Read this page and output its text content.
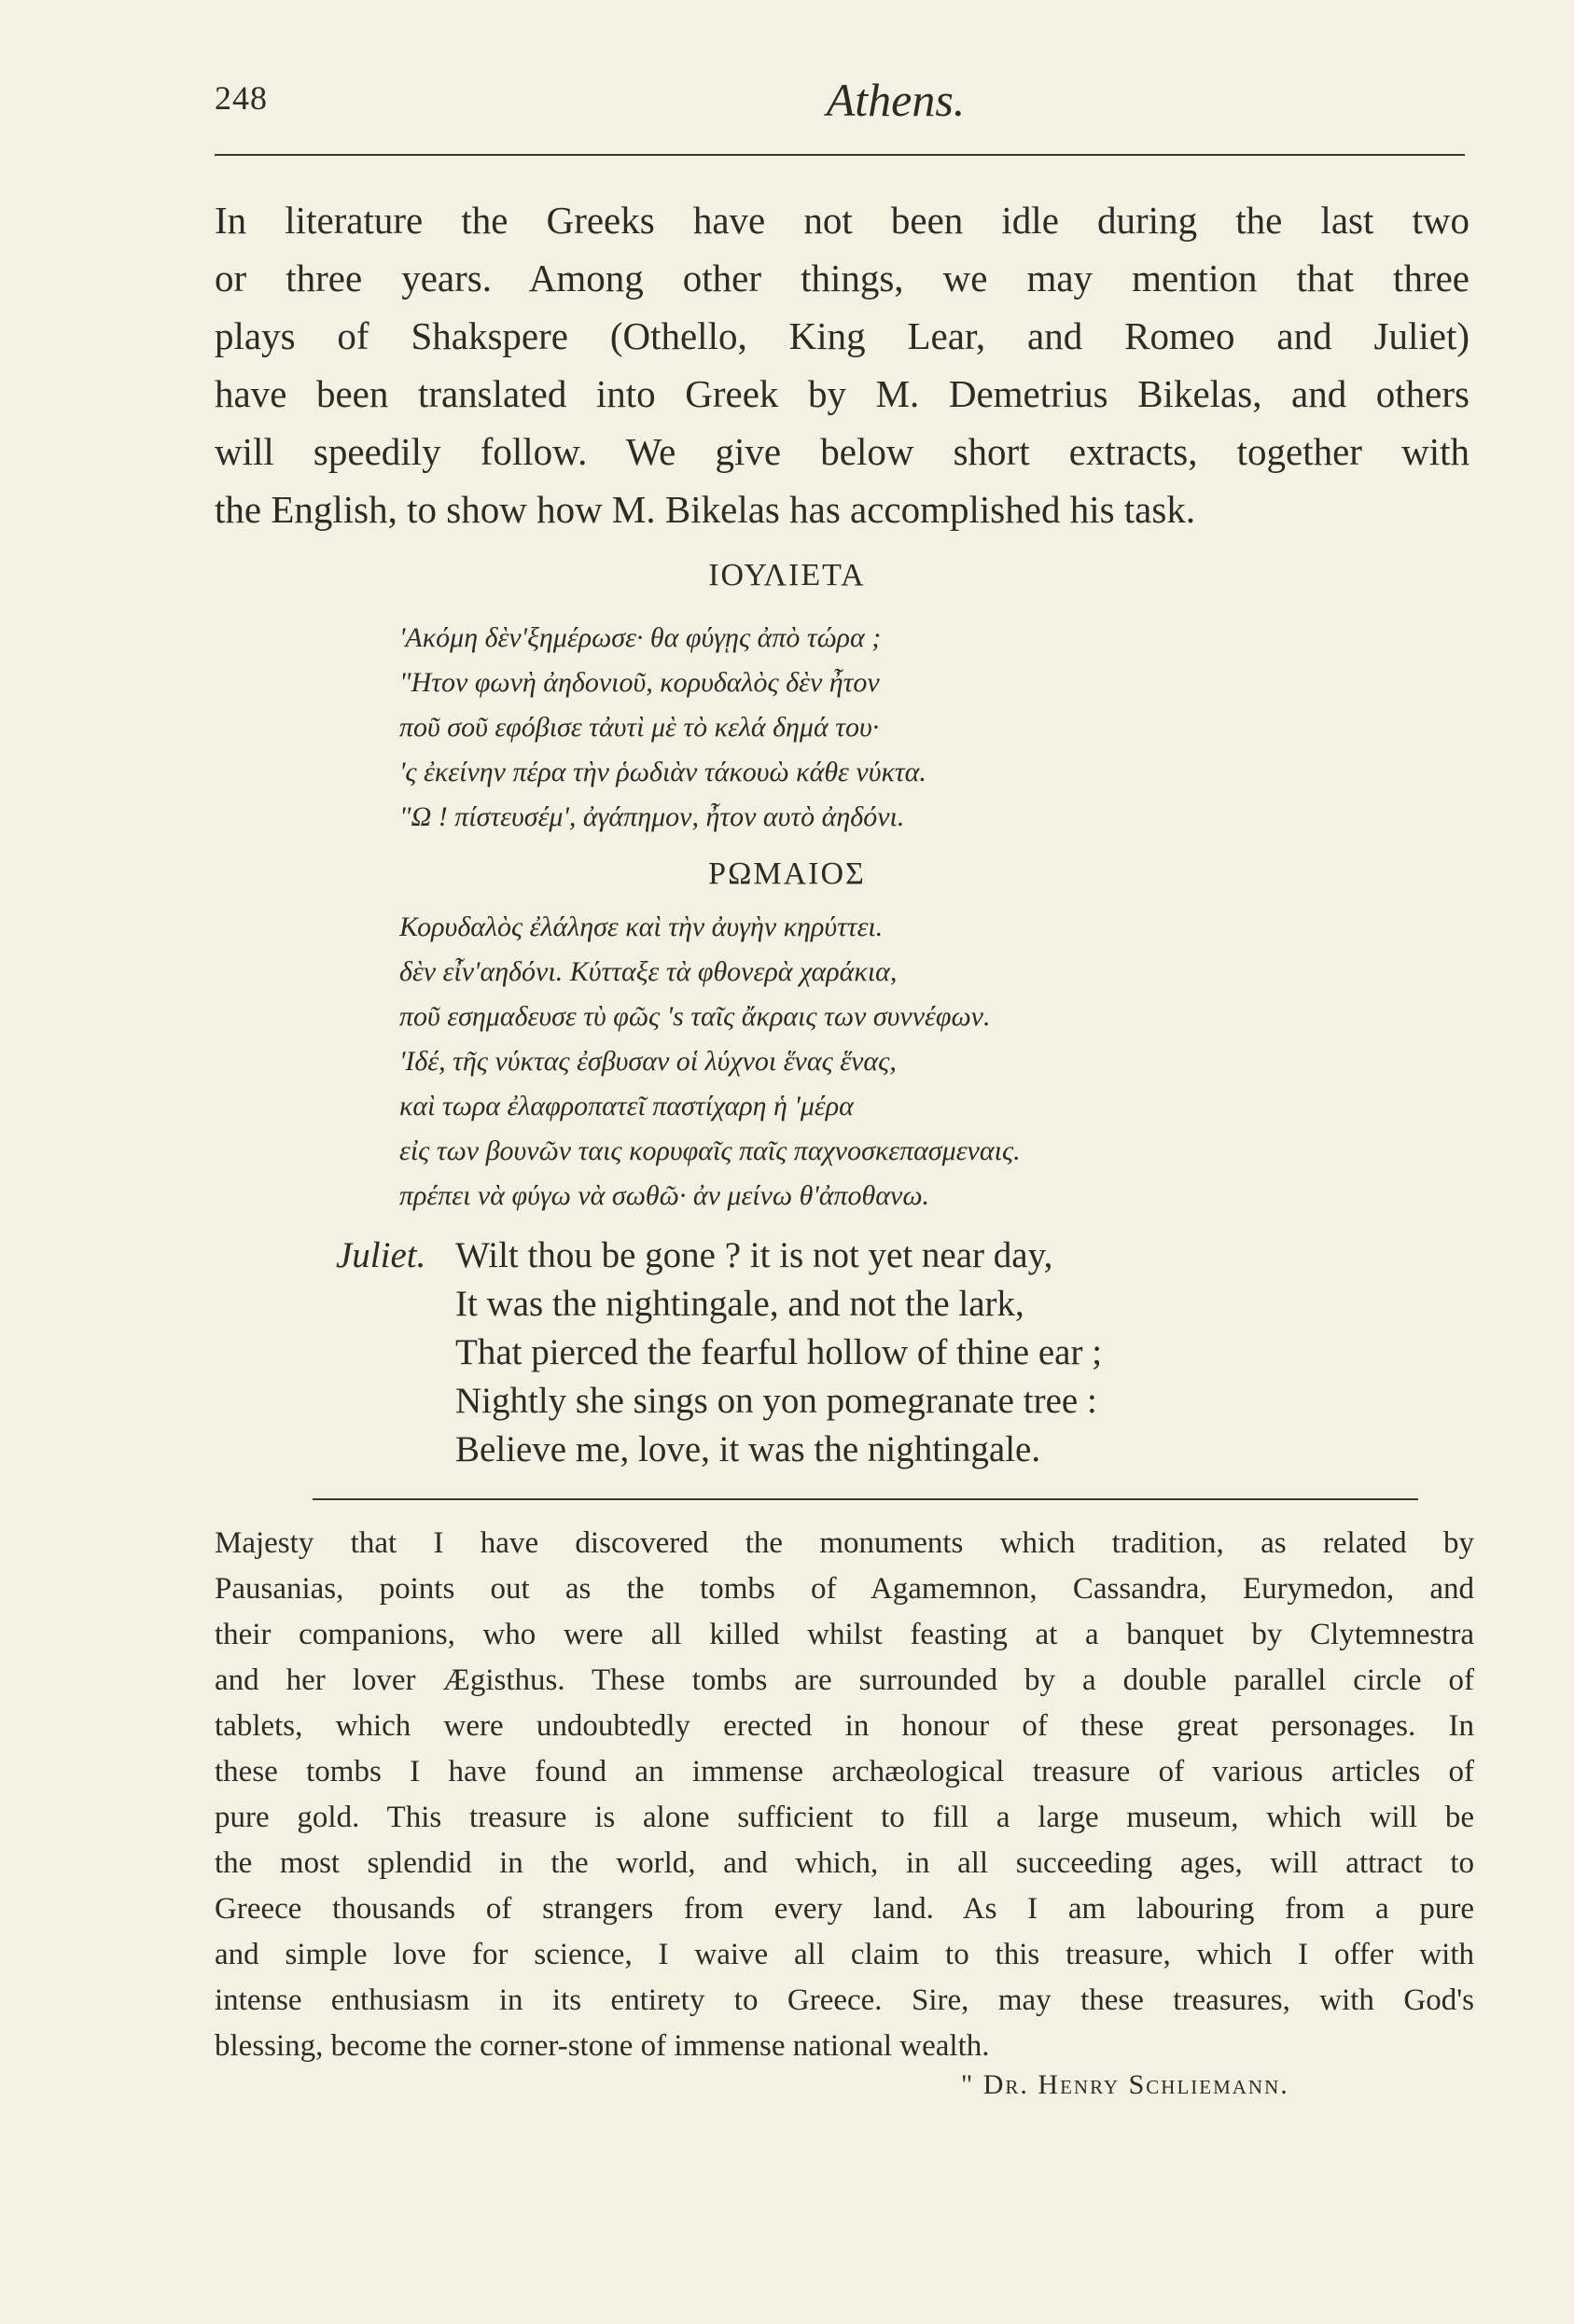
248	Athens.
In literature the Greeks have not been idle during the last two
or three years. Among other things, we may mention that three
plays of Shakspere (Othello, King Lear, and Romeo and Juliet)
have been translated into Greek by M. Demetrius Bikelas, and others
will speedily follow. We give below short extracts, together with
the English, to show how M. Bikelas has accomplished his task.
ΙΟΥΛΙΕΤΑ
'Ακόμη δὲν'ξημέρωσε· θα φύγῃς ἀπὸ τώρα ;
"Ητον φωνὴ ἀηδονιοῦ, κορυδαλὸς δὲν ἦτον
ποῦ σοῦ εφόβισε τἀυτὶ μὲ τὸ κελά δημά του·
'ς ἐκείνην πέρα τὴν ῥωδιὰν τάκουὼ κάθε νύκτα.
"Ω ! πίστευσέμ', ἀγάπημον, ἦτον αυτὸ ἀηδόνι.
ΡΩΜΑΙΟΣ
Κορυδαλὸς ἐλάλησε καὶ τὴν ἀυγὴν κηρύττει.
δὲν εἶν'αηδόνι. Κύτταξε τὰ φθονερὰ χαράκια,
ποῦ εσημαδευσε τὺ φῶς 's ταῖς ἄκραις των συννέφων.
'Ιδέ, τῆς νύκτας ἐσβυσαν οἱ λύχνοι ἕνας ἕνας,
καὶ τωρα ἐλαφροπατεῖ παστίχαρη ἡ 'μέρα
εἰς των βουνῶν ταις κορυφαῖς παῖς παχνοσκεπασμεναις.
πρέπει νὰ φύγω νὰ σωθῶ· ἀν μείνω θ'ἀποθανω.
Juliet. Wilt thou be gone ? it is not yet near day,
It was the nightingale, and not the lark,
That pierced the fearful hollow of thine ear ;
Nightly she sings on yon pomegranate tree :
Believe me, love, it was the nightingale.
Majesty that I have discovered the monuments which tradition, as related by
Pausanias, points out as the tombs of Agamemnon, Cassandra, Eurymedon, and
their companions, who were all killed whilst feasting at a banquet by Clytemnestra
and her lover Ægisthus. These tombs are surrounded by a double parallel circle of
tablets, which were undoubtedly erected in honour of these great personages. In
these tombs I have found an immense archæological treasure of various articles of
pure gold. This treasure is alone sufficient to fill a large museum, which will be
the most splendid in the world, and which, in all succeeding ages, will attract to
Greece thousands of strangers from every land. As I am labouring from a pure
and simple love for science, I waive all claim to this treasure, which I offer with
intense enthusiasm in its entirety to Greece. Sire, may these treasures, with God's
blessing, become the corner-stone of immense national wealth.
" Dr. Henry Schliemann.
